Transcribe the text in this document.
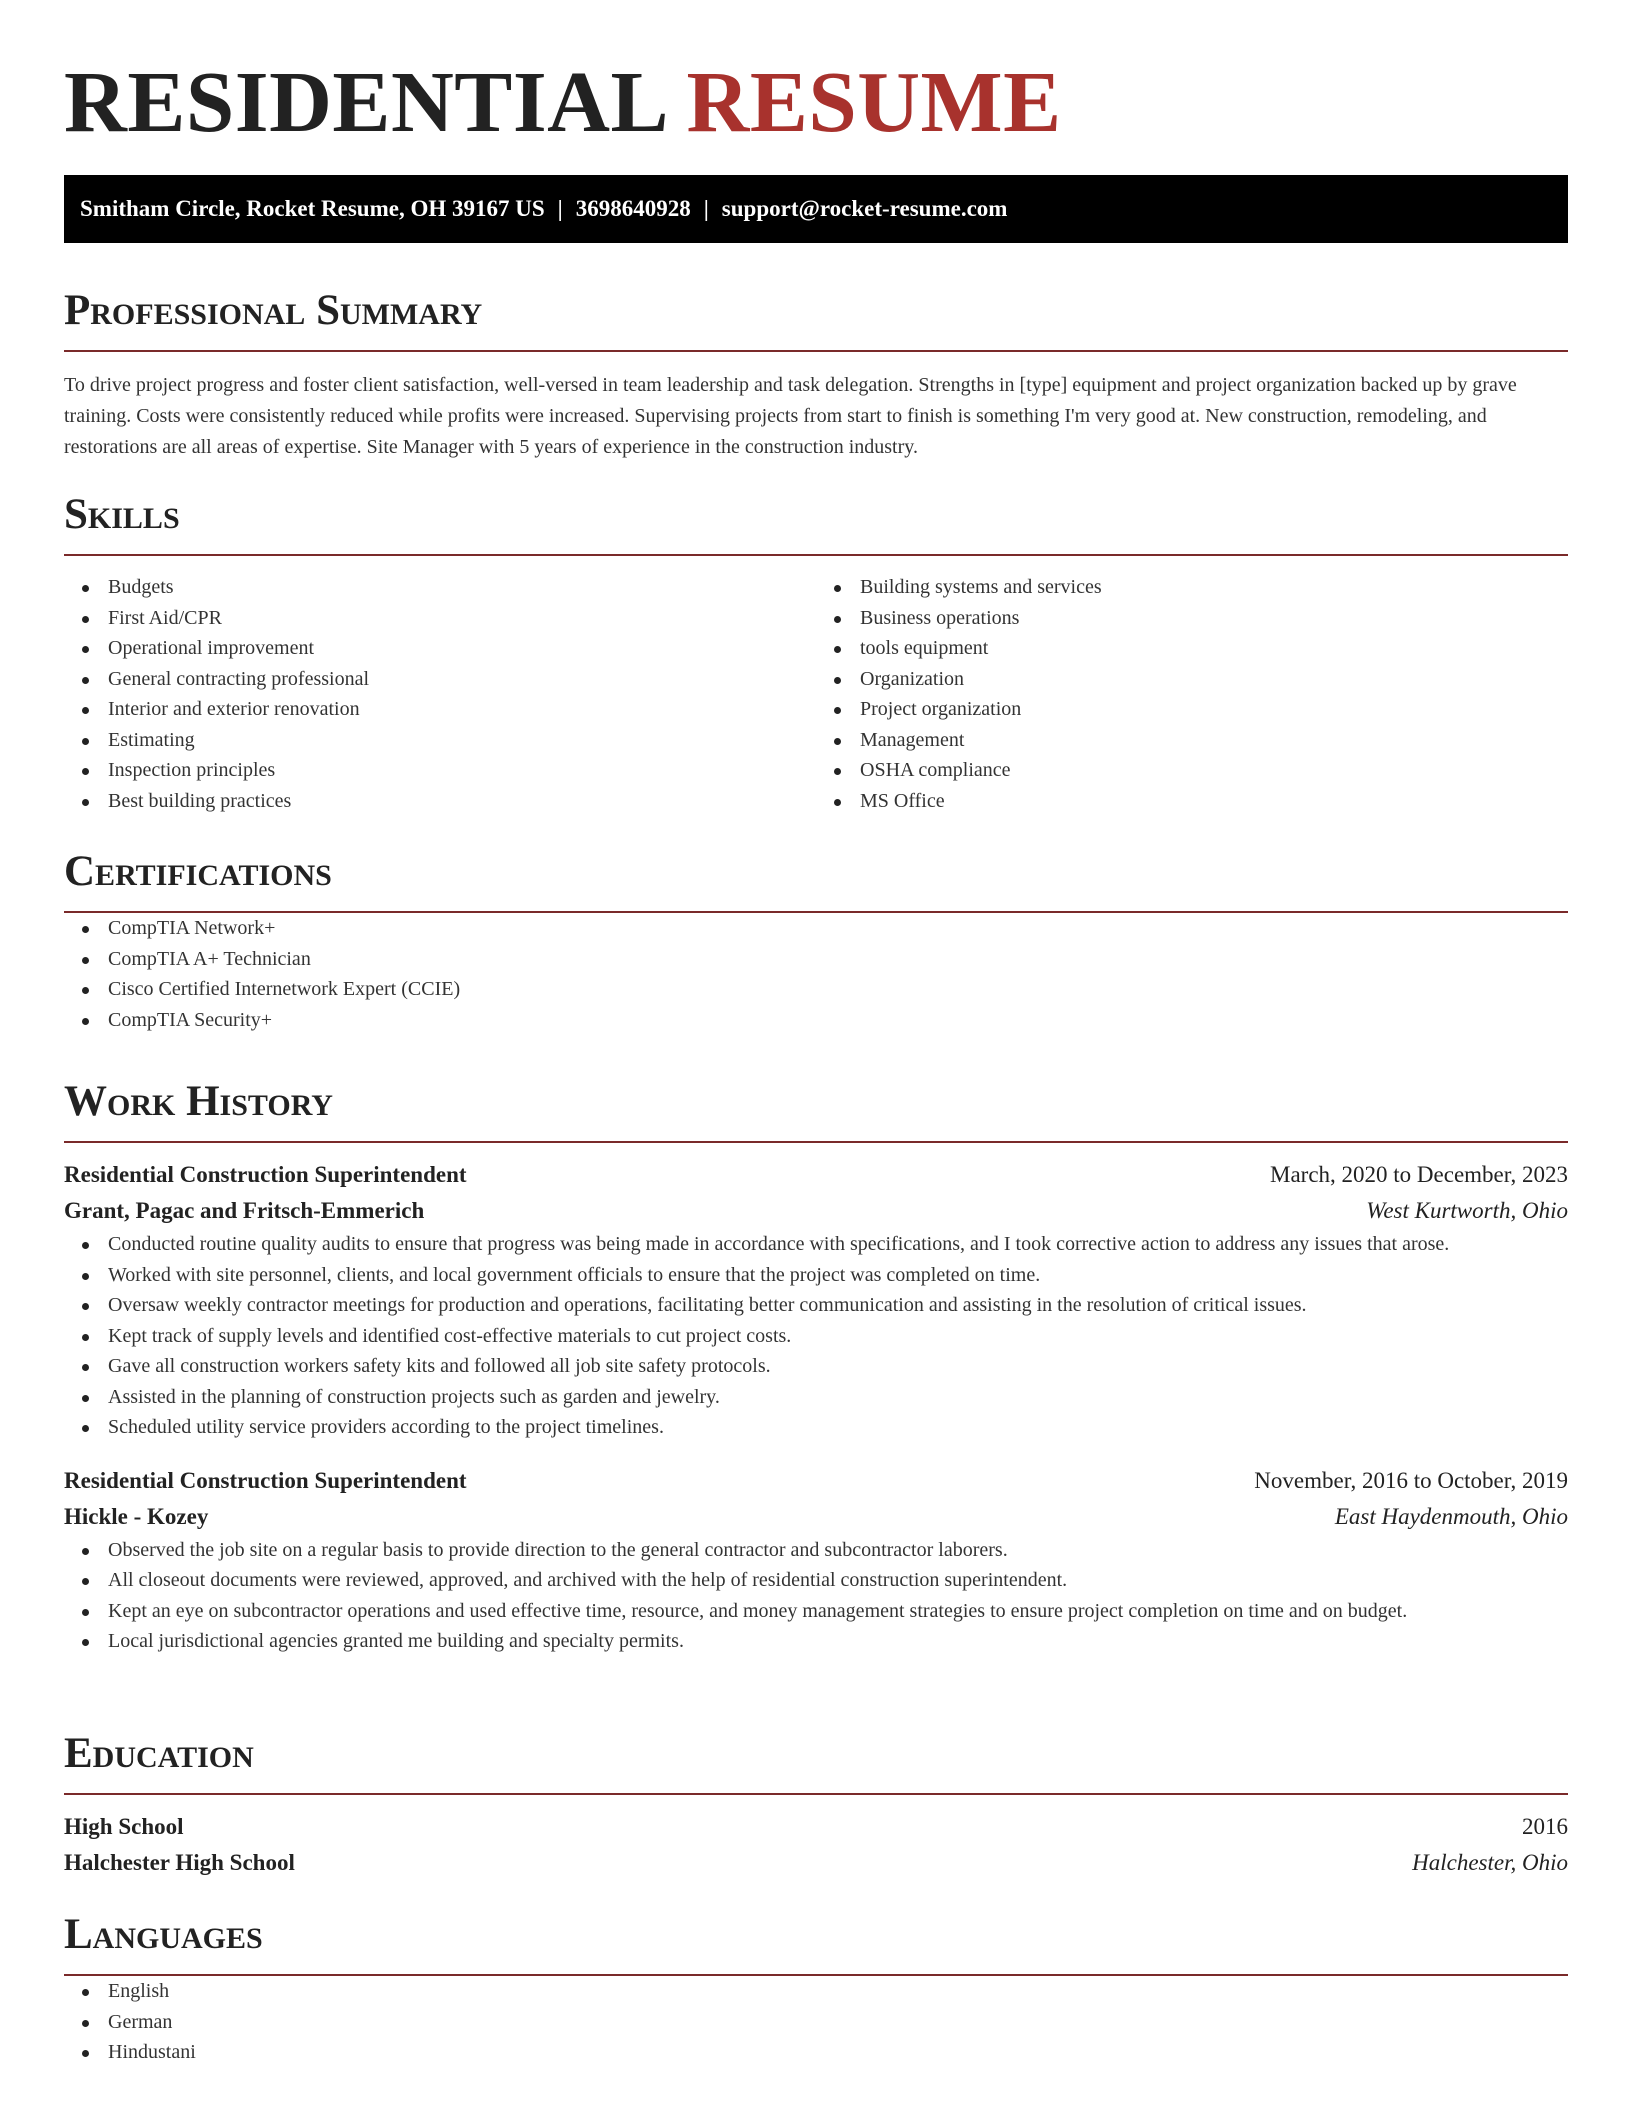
RESIDENTIAL RESUME
Smitham Circle, Rocket Resume, OH 39167 US | 3698640928 | support@rocket-resume.com
Professional Summary

To drive project progress and foster client satisfaction, well-versed in team leadership and task delegation. Strengths in [type] equipment and project organization backed up by grave training. Costs were consistently reduced while profits were increased. Supervising projects from start to finish is something I'm very good at. New construction, remodeling, and restorations are all areas of expertise. Site Manager with 5 years of experience in the construction industry.

Skills
Budgets
First Aid/CPR
Operational improvement
General contracting professional
Interior and exterior renovation
Estimating
Inspection principles
Best building practices
Building systems and services
Business operations
tools equipment
Organization
Project organization
Management
OSHA compliance
MS Office
Certifications
CompTIA Network+
CompTIA A+ Technician
Cisco Certified Internetwork Expert (CCIE)
CompTIA Security+
Work History
Residential Construction Superintendent	March, 2020 to December, 2023
Grant, Pagac and Fritsch-Emmerich	West Kurtworth, Ohio
Conducted routine quality audits to ensure that progress was being made in accordance with specifications, and I took corrective action to address any issues that arose.
Worked with site personnel, clients, and local government officials to ensure that the project was completed on time.
Oversaw weekly contractor meetings for production and operations, facilitating better communication and assisting in the resolution of critical issues.
Kept track of supply levels and identified cost-effective materials to cut project costs.
Gave all construction workers safety kits and followed all job site safety protocols.
Assisted in the planning of construction projects such as garden and jewelry.
Scheduled utility service providers according to the project timelines.
Residential Construction Superintendent	November, 2016 to October, 2019
Hickle - Kozey	East Haydenmouth, Ohio
Observed the job site on a regular basis to provide direction to the general contractor and subcontractor laborers.
All closeout documents were reviewed, approved, and archived with the help of residential construction superintendent.
Kept an eye on subcontractor operations and used effective time, resource, and money management strategies to ensure project completion on time and on budget.
Local jurisdictional agencies granted me building and specialty permits.
Education
High School	2016
Halchester High School	Halchester, Ohio
Languages
English
German
Hindustani
